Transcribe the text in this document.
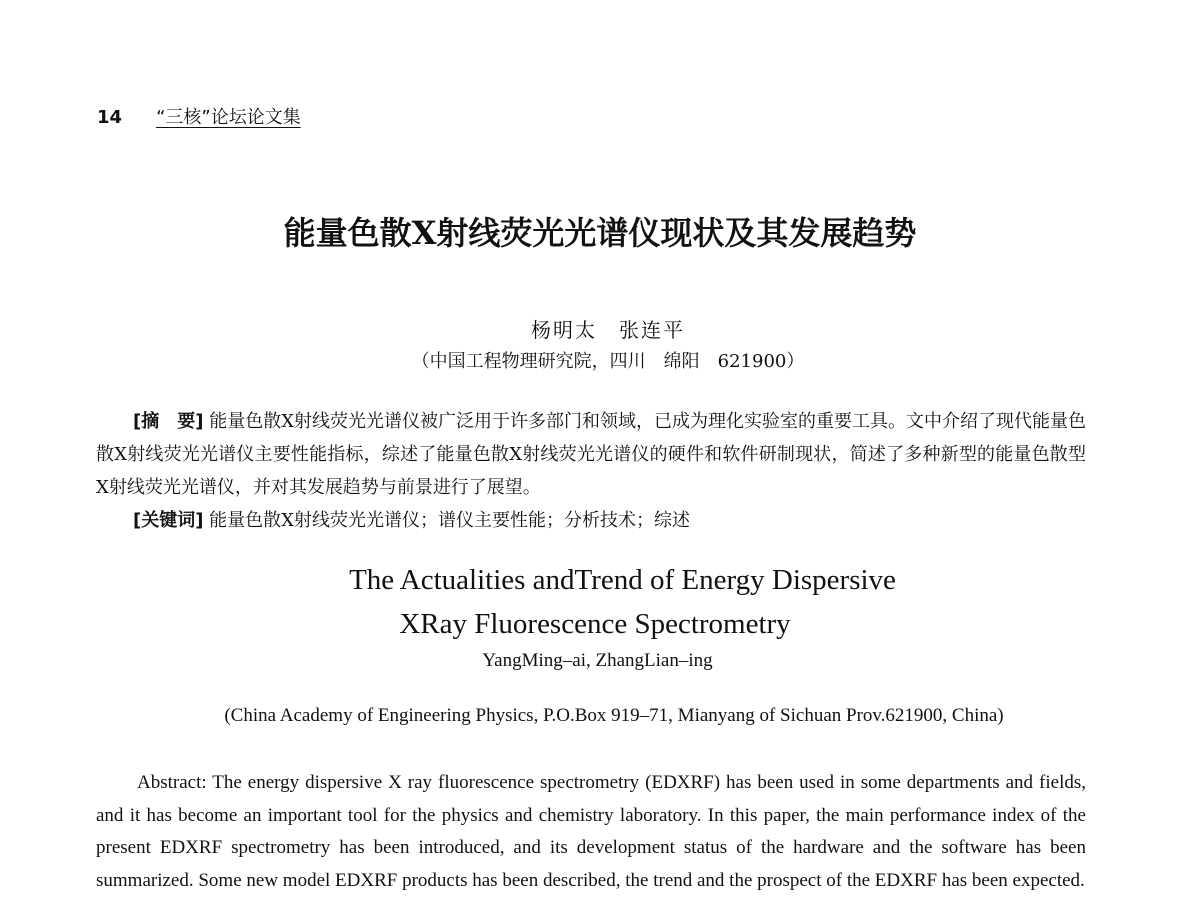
14 “三核”论坛论文集
能量色散X射线荧光光谱仪现状及其发展趋势
杨明太　张连平
（中国工程物理研究院，四川　绵阳　621900）
[摘　要] 能量色散X射线荧光光谱仪被广泛用于许多部门和领域，已成为理化实验室的重要工具。文中介绍了现代能量色散X射线荧光光谱仪主要性能指标，综述了能量色散X射线荧光光谱仪的硬件和软件研制现状，简述了多种新型的能量色散型X射线荧光光谱仪，并对其发展趋势与前景进行了展望。
[关键词] 能量色散X射线荧光光谱仪；谱仪主要性能；分析技术；综述
The Actualities andTrend of Energy Dispersive
XRay Fluorescence Spectrometry
YangMing–ai, ZhangLian–ing
(China Academy of Engineering Physics, P.O.Box 919–71, Mianyang of Sichuan Prov.621900, China)
Abstract: The energy dispersive X ray fluorescence spectrometry (EDXRF) has been used in some departments and fields, and it has become an important tool for the physics and chemistry laboratory. In this paper, the main performance index of the present EDXRF spectrometry has been introduced, and its development status of the hardware and the software has been summarized. Some new model EDXRF products has been described, the trend and the prospect of the EDXRF has been expected.
